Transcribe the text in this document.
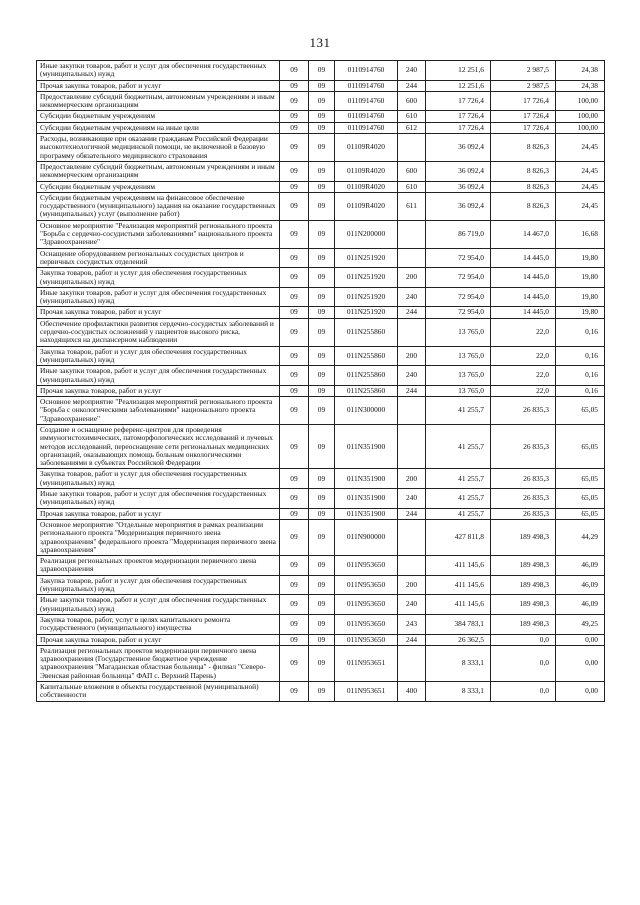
131
Иные закупки товаров, работ и услуг для обеспечения государственных (муниципальных) нужд	09	09	0110914760	240	12 251,6	2 987,5	24,38
Прочая закупка товаров, работ и услуг	09	09	0110914760	244	12 251,6	2 987,5	24,38
Предоставление субсидий бюджетным, автономным учреждениям и иным некоммерческим организациям	09	09	0110914760	600	17 726,4	17 726,4	100,00
Субсидии бюджетным учреждениям	09	09	0110914760	610	17 726,4	17 726,4	100,00
Субсидии бюджетным учреждениям на иные цели	09	09	0110914760	612	17 726,4	17 726,4	100,00
Расходы, возникающие при оказании гражданам Российской Федерации высокотехнологичной медицинской помощи, не включенной в базовую программу обязательного медицинского страхования	09	09	01109R4020		36 092,4	8 826,3	24,45
Предоставление субсидий бюджетным, автономным учреждениям и иным некоммерческим организациям	09	09	01109R4020	600	36 092,4	8 826,3	24,45
Субсидии бюджетным учреждениям	09	09	01109R4020	610	36 092,4	8 826,3	24,45
Субсидии бюджетным учреждениям на финансовое обеспечение государственного (муниципального) задания на оказание государственных (муниципальных) услуг (выполнение работ)	09	09	01109R4020	611	36 092,4	8 826,3	24,45
Основное мероприятие "Реализация мероприятий регионального проекта "Борьба с сердечно-сосудистыми заболеваниями" национального проекта "Здравоохранение"	09	09	011N200000		86 719,0	14 467,0	16,68
Оснащение оборудованием региональных сосудистых центров и первичных сосудистых отделений	09	09	011N251920		72 954,0	14 445,0	19,80
Закупка товаров, работ и услуг для обеспечения государственных (муниципальных) нужд	09	09	011N251920	200	72 954,0	14 445,0	19,80
Иные закупки товаров, работ и услуг для обеспечения государственных (муниципальных) нужд	09	09	011N251920	240	72 954,0	14 445,0	19,80
Прочая закупка товаров, работ и услуг	09	09	011N251920	244	72 954,0	14 445,0	19,80
Обеспечение профилактики развития сердечно-сосудистых заболеваний и сердечно-сосудистых осложнений у пациентов высокого риска, находящихся на диспансерном наблюдении	09	09	011N255860		13 765,0	22,0	0,16
Закупка товаров, работ и услуг для обеспечения государственных (муниципальных) нужд	09	09	011N255860	200	13 765,0	22,0	0,16
Иные закупки товаров, работ и услуг для обеспечения государственных (муниципальных) нужд	09	09	011N255860	240	13 765,0	22,0	0,16
Прочая закупка товаров, работ и услуг	09	09	011N255860	244	13 765,0	22,0	0,16
Основное мероприятие "Реализация мероприятий регионального проекта "Борьба с онкологическими заболеваниями" национального проекта "Здравоохранение"	09	09	011N300000		41 255,7	26 835,3	65,05
Создание и оснащение референс-центров для проведения иммуногистохимических, патоморфологических исследований и лучевых методов исследований, переоснащение сети региональных медицинских организаций, оказывающих помощь больным онкологическими заболеваниями в субъектах Российской Федерации	09	09	011N351900		41 255,7	26 835,3	65,05
Закупка товаров, работ и услуг для обеспечения государственных (муниципальных) нужд	09	09	011N351900	200	41 255,7	26 835,3	65,05
Иные закупки товаров, работ и услуг для обеспечения государственных (муниципальных) нужд	09	09	011N351900	240	41 255,7	26 835,3	65,05
Прочая закупка товаров, работ и услуг	09	09	011N351900	244	41 255,7	26 835,3	65,05
Основное мероприятие "Отдельные мероприятия в рамках реализации регионального проекта "Модернизация первичного звена здравоохранения" федерального проекта "Модернизация первичного звена здравоохранения"	09	09	011N900000		427 811,8	189 498,3	44,29
Реализация региональных проектов модернизации первичного звена здравоохранения	09	09	011N953650		411 145,6	189 498,3	46,09
Закупка товаров, работ и услуг для обеспечения государственных (муниципальных) нужд	09	09	011N953650	200	411 145,6	189 498,3	46,09
Иные закупки товаров, работ и услуг для обеспечения государственных (муниципальных) нужд	09	09	011N953650	240	411 145,6	189 498,3	46,09
Закупка товаров, работ, услуг в целях капитального ремонта государственного (муниципального) имущества	09	09	011N953650	243	384 783,1	189 498,3	49,25
Прочая закупка товаров, работ и услуг	09	09	011N953650	244	26 362,5	0,0	0,00
Реализация региональных проектов модернизации первичного звена здравоохранения (Государственное бюджетное учреждение здравоохранения "Магаданская областная больница" - филиал "Северо-Эвенская районная больница" ФАП с. Верхний Парень)	09	09	011N953651		8 333,1	0,0	0,00
Капитальные вложения в объекты государственной (муниципальной) собственности	09	09	011N953651	400	8 333,1	0,0	0,00
